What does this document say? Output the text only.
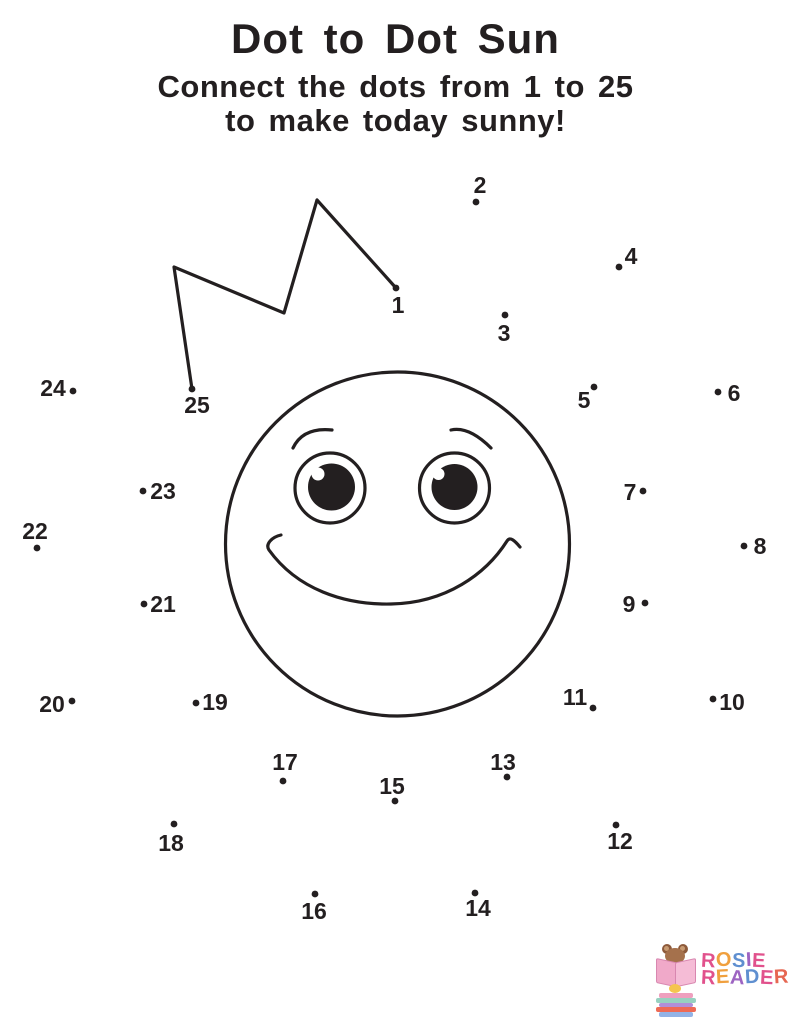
Dot to Dot Sun

Connect the dots from 1 to 25
to make today sunny!

1
2
3
4
5	6
7
8
9
10
11
12
13
14
15
16
17
18
19
20
21
22
23
24
25
ROSIE
READER
